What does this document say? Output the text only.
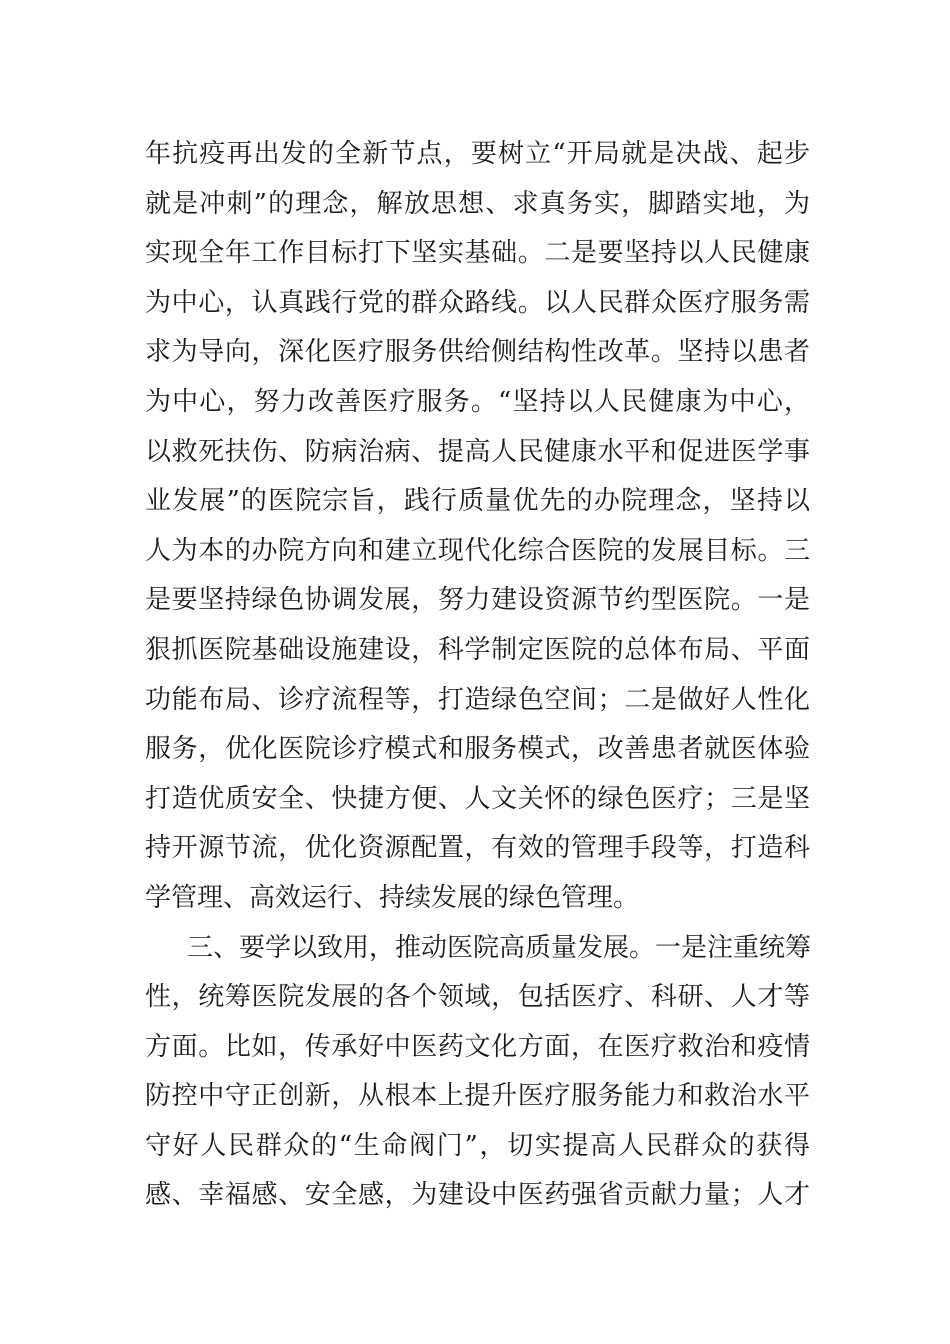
年抗疫再出发的全新节点，要树立“开局就是决战、起步
就是冲刺”的理念，解放思想、求真务实，脚踏实地，为
实现全年工作目标打下坚实基础。二是要坚持以人民健康
为中心，认真践行党的群众路线。以人民群众医疗服务需
求为导向，深化医疗服务供给侧结构性改革。坚持以患者
为中心，努力改善医疗服务。“坚持以人民健康为中心，
以救死扶伤、防病治病、提高人民健康水平和促进医学事
业发展”的医院宗旨，践行质量优先的办院理念，坚持以
人为本的办院方向和建立现代化综合医院的发展目标。三
是要坚持绿色协调发展，努力建设资源节约型医院。一是
狠抓医院基础设施建设，科学制定医院的总体布局、平面
功能布局、诊疗流程等，打造绿色空间；二是做好人性化
服务，优化医院诊疗模式和服务模式，改善患者就医体验
打造优质安全、快捷方便、人文关怀的绿色医疗；三是坚
持开源节流，优化资源配置，有效的管理手段等，打造科
学管理、高效运行、持续发展的绿色管理。
三、要学以致用，推动医院高质量发展。一是注重统筹
性，统筹医院发展的各个领域，包括医疗、科研、人才等
方面。比如，传承好中医药文化方面，在医疗救治和疫情
防控中守正创新，从根本上提升医疗服务能力和救治水平
守好人民群众的“生命阀门”，切实提高人民群众的获得
感、幸福感、安全感，为建设中医药强省贡献力量；人才
